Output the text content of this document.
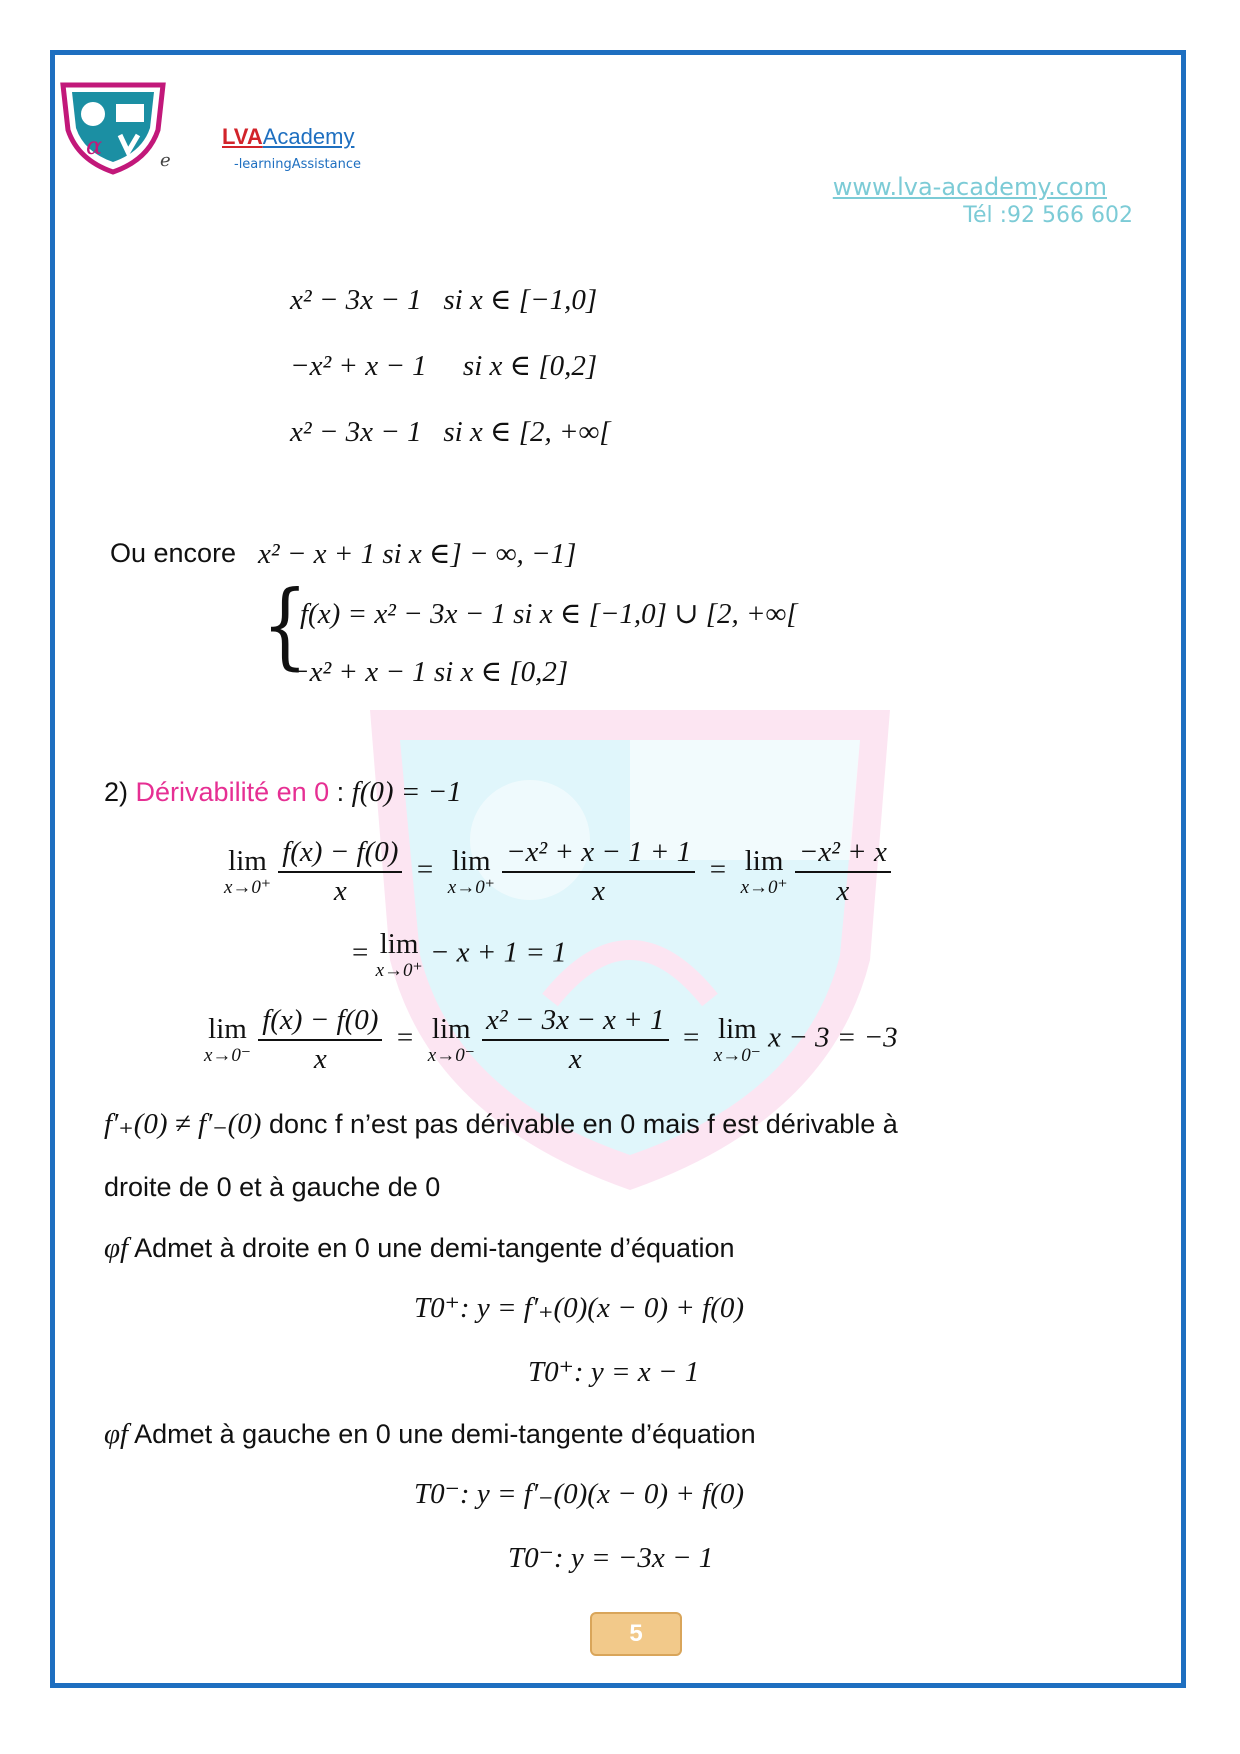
α
e
LVAAcademy
-learningAssistance
www.lva-academy.com
Tél :92 566 602
x² − 3x − 1 si x ∈ [−1,0]
−x² + x − 1 si x ∈ [0,2]
x² − 3x − 1 si x ∈ [2, +∞[
Ou encore x² − x + 1 si x ∈] − ∞, −1]
{
f(x) = x² − 3x − 1 si x ∈ [−1,0] ∪ [2, +∞[
−x² + x − 1 si x ∈ [0,2]
2) Dérivabilité en 0 : f(0) = −1
lim
x→0⁺
$\frac{f(x) - f(0)}{x} = \lim$
x→0⁺
$\frac{\text{−x² + x − 1 + 1}}{x} = \lim$
x→0⁺
$\frac{\text{−x² + x}}{x}$
= lim
x→0⁺
− x + 1 = 1
lim
x→0⁻
$\frac{f(x) - f(0)}{x} = \lim$
x→0⁻
$\frac{\text{x² − 3x − x + 1}}{x} = \lim$
x→0⁻
x − 3 = −3
f′₊(0) ≠ f′₋(0) donc f n’est pas dérivable en 0 mais f est dérivable à
droite de 0 et à gauche de 0
φf Admet à droite en 0 une demi-tangente d’équation
T0⁺: y = f′₊(0)(x − 0) + f(0)
T0⁺: y = x − 1
φf Admet à gauche en 0 une demi-tangente d’équation
T0⁻: y = f′₋(0)(x − 0) + f(0)
T0⁻: y = −3x − 1
5
